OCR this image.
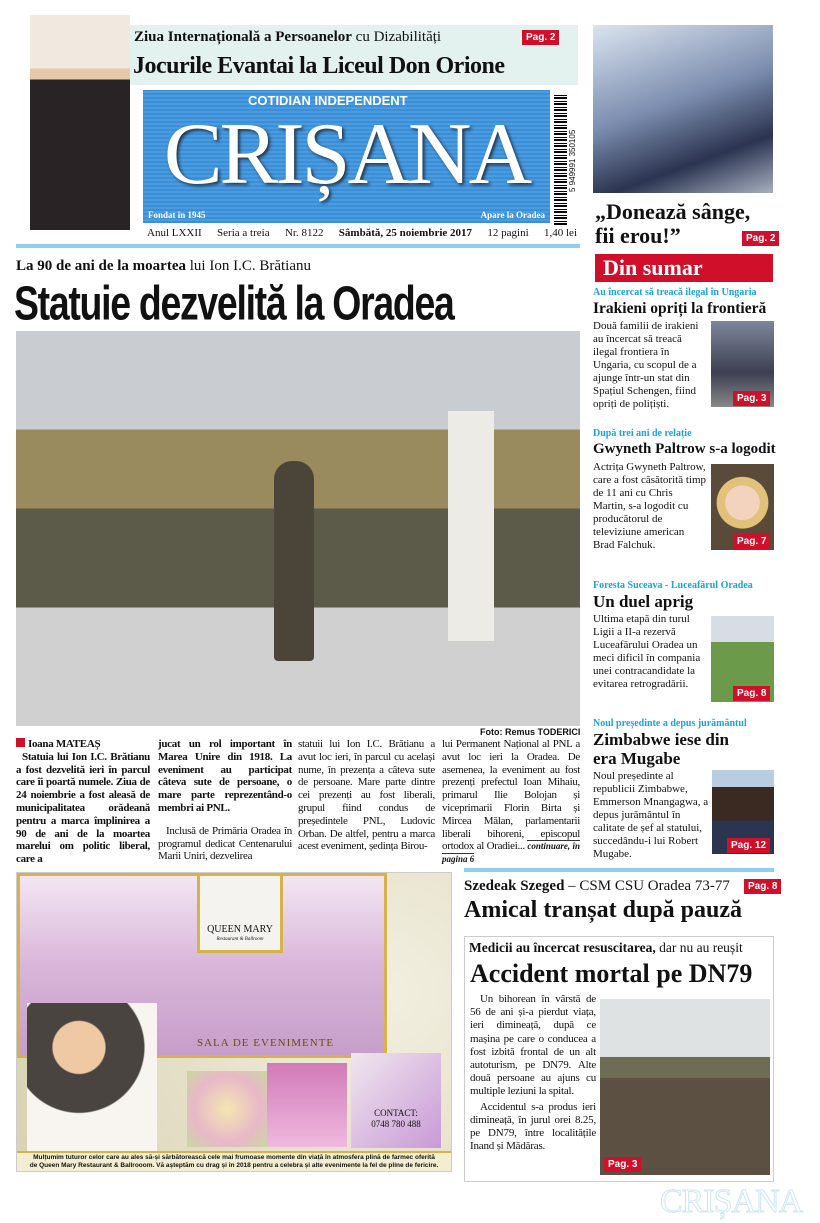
Ziua Internațională a Persoanelor cu Dizabilități
Jocurile Evantai la Liceul Don Orione
Pag. 2
COTIDIAN INDEPENDENT
CRIȘANA
Fondat în 1945	Apare la Oradea
5 949991 350105
Anul LXXII Seria a treia Nr. 8122 Sâmbătă, 25 noiembrie 2017 12 pagini 1,40 lei
„Donează sânge, fii erou!”	Pag. 2
La 90 de ani de la moartea lui Ion I.C. Brătianu
Statuie dezvelită la Oradea
Foto: Remus TODERICI
Ioana MATEAȘ
Statuia lui Ion I.C. Brătianu a fost dezvelită ieri în parcul care îi poartă numele. Ziua de 24 noiembrie a fost aleasă de municipalitatea orădeană pentru a marca împlinirea a 90 de ani de la moartea marelui om politic liberal, care a
jucat un rol important în Marea Unire din 1918. La eveniment au participat câteva sute de persoane, o mare parte reprezentând-o membri ai PNL.
Inclusă de Primăria Oradea în programul dedicat Centenarului Marii Uniri, dezvelirea
statuii lui Ion I.C. Brătianu a avut loc ieri, în parcul cu același nume, în prezența a câteva sute de persoane. Mare parte dintre cei prezenți au fost liberali, grupul fiind condus de președintele PNL, Ludovic Orban. De altfel, pentru a marca acest eveniment, ședința Birou-
lui Permanent Național al PNL a avut loc ieri la Oradea. De asemenea, la eveniment au fost prezenți prefectul Ioan Mihaiu, primarul Ilie Bolojan și viceprimarii Florin Birta și Mircea Mălan, parlamentarii liberali bihoreni, episcopul ortodox al Oradiei... continuare, în pagina 6
Din sumar
Au încercat să treacă ilegal în Ungaria
Irakieni opriți la frontieră
Două familii de irakieni au încercat să treacă ilegal frontiera în Ungaria, cu scopul de a ajunge într-un stat din Spațiul Schengen, fiind opriți de polițiști.	Pag. 3
După trei ani de relație
Gwyneth Paltrow s-a logodit
Actrița Gwyneth Paltrow, care a fost căsătorită timp de 11 ani cu Chris Martin, s-a logodit cu producătorul de televiziune american Brad Falchuk.	Pag. 7
Foresta Suceava - Luceafărul Oradea
Un duel aprig
Ultima etapă din turul Ligii a II-a rezervă Luceafărului Oradea un meci dificil în compania unei contracandidate la evitarea retrogradării.
Pag. 8
Noul președinte a depus jurământul
Zimbabwe iese din era Mugabe
Noul președinte al republicii Zimbabwe, Emmerson Mnangagwa, a depus jurământul în calitate de șef al statului, succedându-i lui Robert Mugabe.
Pag. 12
QUEEN MARY
Restaurant & Ballroom
SALA DE EVENIMENTE
CONTACT:
0748 780 488
Mulțumim tuturor celor care au ales să-și sărbătorească cele mai frumoase momente din viață în atmosfera plină de farmec oferită
de Queen Mary Restaurant & Ballrooom. Vă așteptăm cu drag și în 2018 pentru a celebra și alte evenimente la fel de pline de fericire.
Szedeak Szeged – CSM CSU Oradea 73-77	Pag. 8
Amical tranșat după pauză
Medicii au încercat resuscitarea, dar nu au reușit
Accident mortal pe DN79
Un bihorean în vârstă de 56 de ani și-a pierdut viața, ieri dimineață, după ce mașina pe care o conducea a fost izbită frontal de un alt autoturism, pe DN79. Alte două persoane au ajuns cu multiple leziuni la spital.
Accidentul s-a produs ieri dimineață, în jurul orei 8.25, pe DN79, între localitățile Inand și Mădăras.
Pag. 3
CRIȘANA
